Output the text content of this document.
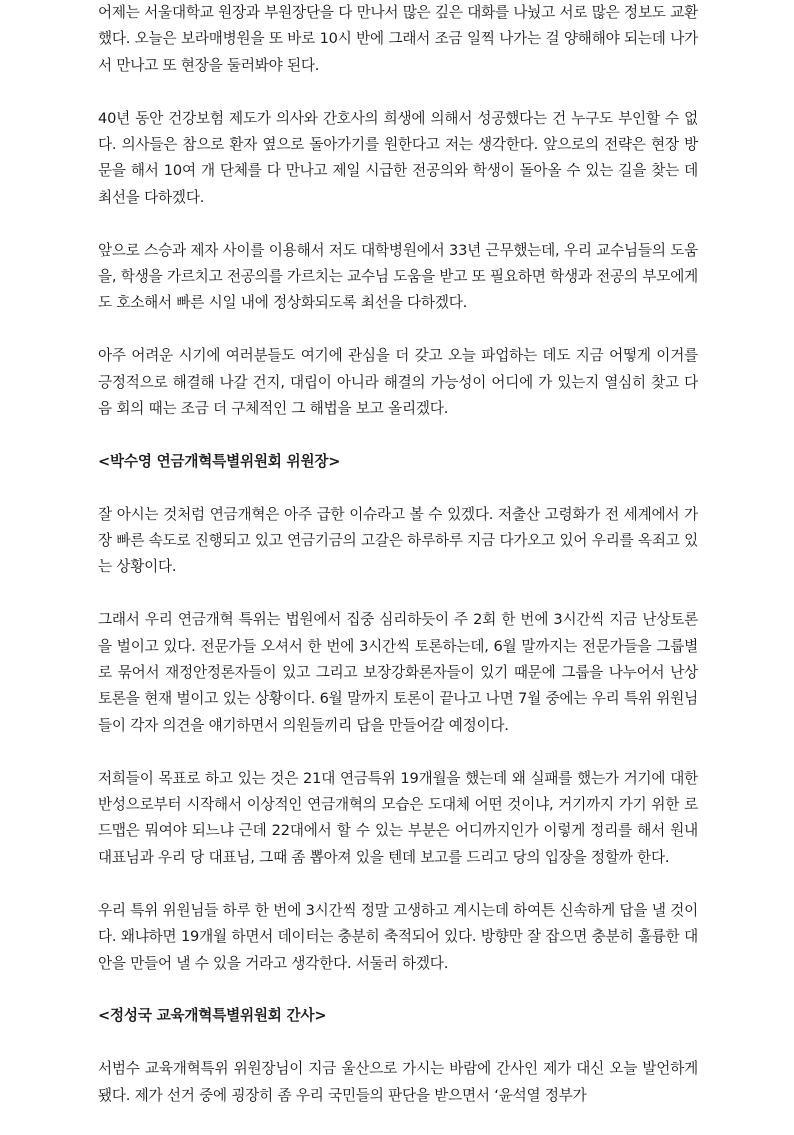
어제는 서울대학교 원장과 부원장단을 다 만나서 많은 깊은 대화를 나눴고 서로 많은 정보도 교환했다. 오늘은 보라매병원을 또 바로 10시 반에 그래서 조금 일찍 나가는 걸 양해해야 되는데 나가서 만나고 또 현장을 둘러봐야 된다.

40년 동안 건강보험 제도가 의사와 간호사의 희생에 의해서 성공했다는 건 누구도 부인할 수 없다. 의사들은 참으로 환자 옆으로 돌아가기를 원한다고 저는 생각한다. 앞으로의 전략은 현장 방문을 해서 10여 개 단체를 다 만나고 제일 시급한 전공의와 학생이 돌아올 수 있는 길을 찾는 데 최선을 다하겠다.

앞으로 스승과 제자 사이를 이용해서 저도 대학병원에서 33년 근무했는데, 우리 교수님들의 도움을, 학생을 가르치고 전공의를 가르치는 교수님 도움을 받고 또 필요하면 학생과 전공의 부모에게도 호소해서 빠른 시일 내에 정상화되도록 최선을 다하겠다.

아주 어려운 시기에 여러분들도 여기에 관심을 더 갖고 오늘 파업하는 데도 지금 어떻게 이거를 긍정적으로 해결해 나갈 건지, 대립이 아니라 해결의 가능성이 어디에 가 있는지 열심히 찾고 다음 회의 때는 조금 더 구체적인 그 해법을 보고 올리겠다.

<박수영 연금개혁특별위원회 위원장>

잘 아시는 것처럼 연금개혁은 아주 급한 이슈라고 볼 수 있겠다. 저출산 고령화가 전 세계에서 가장 빠른 속도로 진행되고 있고 연금기금의 고갈은 하루하루 지금 다가오고 있어 우리를 옥죄고 있는 상황이다.

그래서 우리 연금개혁 특위는 법원에서 집중 심리하듯이 주 2회 한 번에 3시간씩 지금 난상토론을 벌이고 있다. 전문가들 오셔서 한 번에 3시간씩 토론하는데, 6월 말까지는 전문가들을 그룹별로 묶어서 재정안정론자들이 있고 그리고 보장강화론자들이 있기 때문에 그룹을 나누어서 난상 토론을 현재 벌이고 있는 상황이다. 6월 말까지 토론이 끝나고 나면 7월 중에는 우리 특위 위원님들이 각자 의견을 얘기하면서 의원들끼리 답을 만들어갈 예정이다.

저희들이 목표로 하고 있는 것은 21대 연금특위 19개월을 했는데 왜 실패를 했는가 거기에 대한 반성으로부터 시작해서 이상적인 연금개혁의 모습은 도대체 어떤 것이냐, 거기까지 가기 위한 로드맵은 뭐여야 되느냐 근데 22대에서 할 수 있는 부분은 어디까지인가 이렇게 정리를 해서 원내대표님과 우리 당 대표님, 그때 좀 뽑아져 있을 텐데 보고를 드리고 당의 입장을 정할까 한다.

우리 특위 위원님들 하루 한 번에 3시간씩 정말 고생하고 계시는데 하여튼 신속하게 답을 낼 것이다. 왜냐하면 19개월 하면서 데이터는 충분히 축적되어 있다. 방향만 잘 잡으면 충분히 훌륭한 대안을 만들어 낼 수 있을 거라고 생각한다. 서둘러 하겠다.

<정성국 교육개혁특별위원회 간사>

서범수 교육개혁특위 위원장님이 지금 울산으로 가시는 바람에 간사인 제가 대신 오늘 발언하게 됐다. 제가 선거 중에 굉장히 좀 우리 국민들의 판단을 받으면서 ‘윤석열 정부가
